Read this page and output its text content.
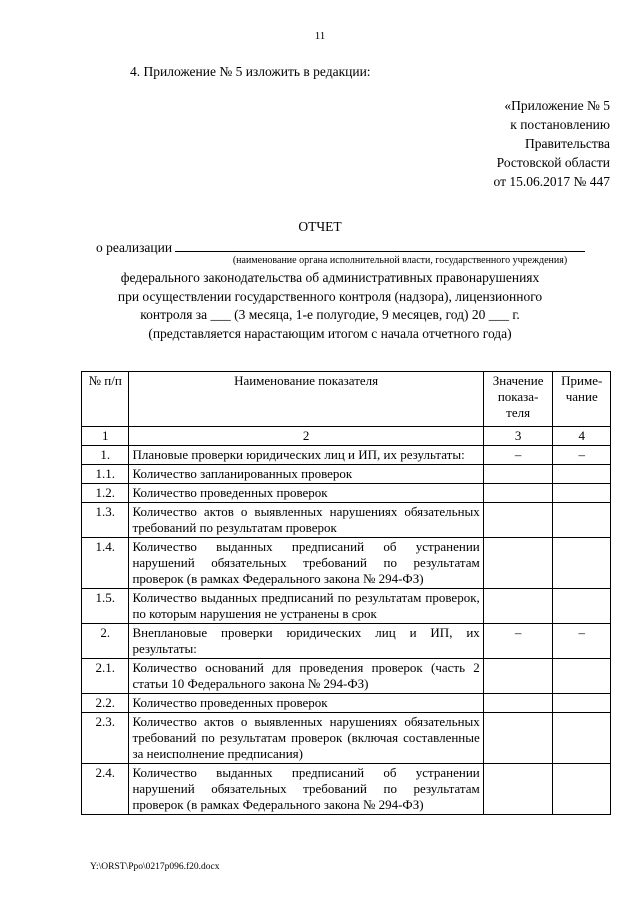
11
4. Приложение № 5 изложить в редакции:
«Приложение № 5
к постановлению
Правительства
Ростовской области
от 15.06.2017 № 447
ОТЧЕТ
о реализации
(наименование органа исполнительной власти, государственного учреждения)
федерального законодательства об административных правонарушениях
при осуществлении государственного контроля (надзора), лицензионного
контроля за ___ (3 месяца, 1-е полугодие, 9 месяцев, год) 20 ___ г.
(представляется нарастающим итогом с начала отчетного года)
№ п/п	Наименование показателя	Значение показа-теля	Приме-чание
1	2	3	4
1.	Плановые проверки юридических лиц и ИП, их результаты:	–	–
1.1.	Количество запланированных проверок		
1.2.	Количество проведенных проверок		
1.3.	Количество актов о выявленных нарушениях обязательных требований по результатам проверок		
1.4.	Количество выданных предписаний об устранении нарушений обязательных требований по результатам проверок (в рамках Федерального закона № 294-ФЗ)		
1.5.	Количество выданных предписаний по результатам проверок, по которым нарушения не устранены в срок		
2.	Внеплановые проверки юридических лиц и ИП, их результаты:	–	–
2.1.	Количество оснований для проведения проверок (часть 2 статьи 10 Федерального закона № 294-ФЗ)		
2.2.	Количество проведенных проверок		
2.3.	Количество актов о выявленных нарушениях обязательных требований по результатам проверок (включая составленные за неисполнение предписания)		
2.4.	Количество выданных предписаний об устранении нарушений обязательных требований по результатам проверок (в рамках Федерального закона № 294-ФЗ)		
Y:\ORST\Ppo\0217p096.f20.docx
